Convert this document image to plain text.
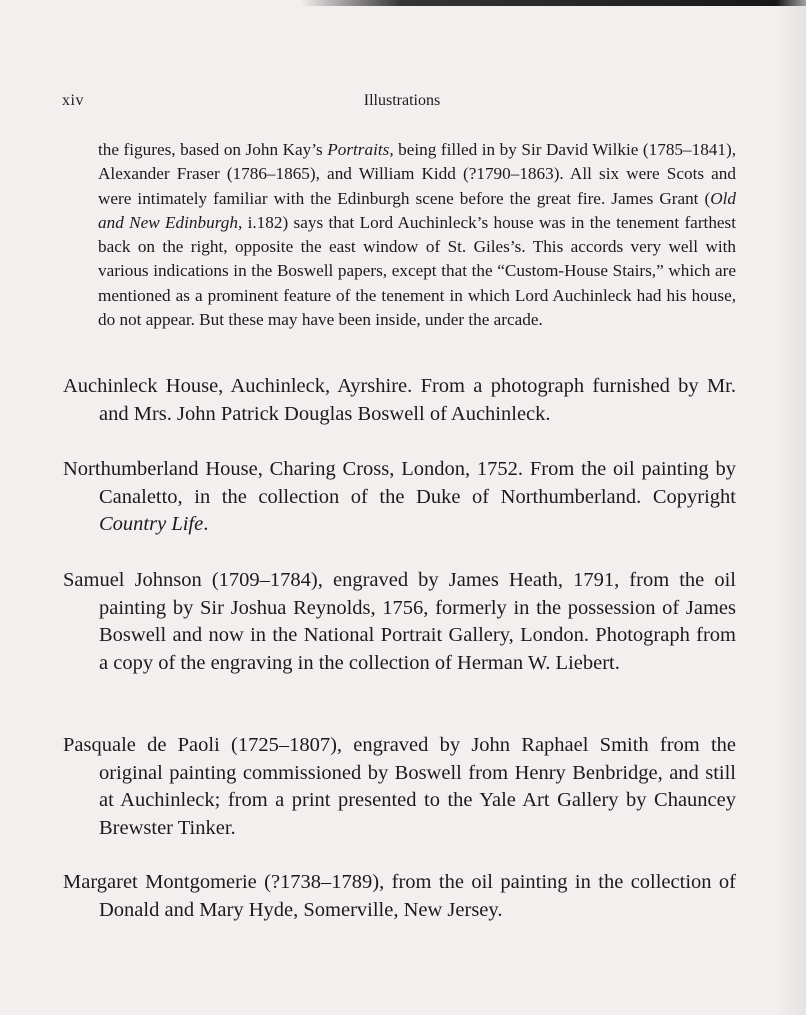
xiv	Illustrations
the figures, based on John Kay’s Portraits, being filled in by Sir David Wilkie (1785–1841), Alexander Fraser (1786–1865), and William Kidd (?1790–1863). All six were Scots and were intimately familiar with the Edinburgh scene before the great fire. James Grant (Old and New Edinburgh, i.182) says that Lord Auchinleck’s house was in the tenement farthest back on the right, opposite the east window of St. Giles’s. This accords very well with various indications in the Boswell papers, except that the “Custom-House Stairs,” which are mentioned as a prominent feature of the tenement in which Lord Auchinleck had his house, do not appear. But these may have been inside, under the arcade.
Auchinleck House, Auchinleck, Ayrshire. From a photograph furnished by Mr. and Mrs. John Patrick Douglas Boswell of Auchinleck.
Northumberland House, Charing Cross, London, 1752. From the oil painting by Canaletto, in the collection of the Duke of Northumberland. Copyright Country Life.
Samuel Johnson (1709–1784), engraved by James Heath, 1791, from the oil painting by Sir Joshua Reynolds, 1756, formerly in the possession of James Boswell and now in the National Portrait Gallery, London. Photograph from a copy of the engraving in the collection of Herman W. Liebert.
Pasquale de Paoli (1725–1807), engraved by John Raphael Smith from the original painting commissioned by Boswell from Henry Benbridge, and still at Auchinleck; from a print presented to the Yale Art Gallery by Chauncey Brewster Tinker.
Margaret Montgomerie (?1738–1789), from the oil painting in the collection of Donald and Mary Hyde, Somerville, New Jersey.
